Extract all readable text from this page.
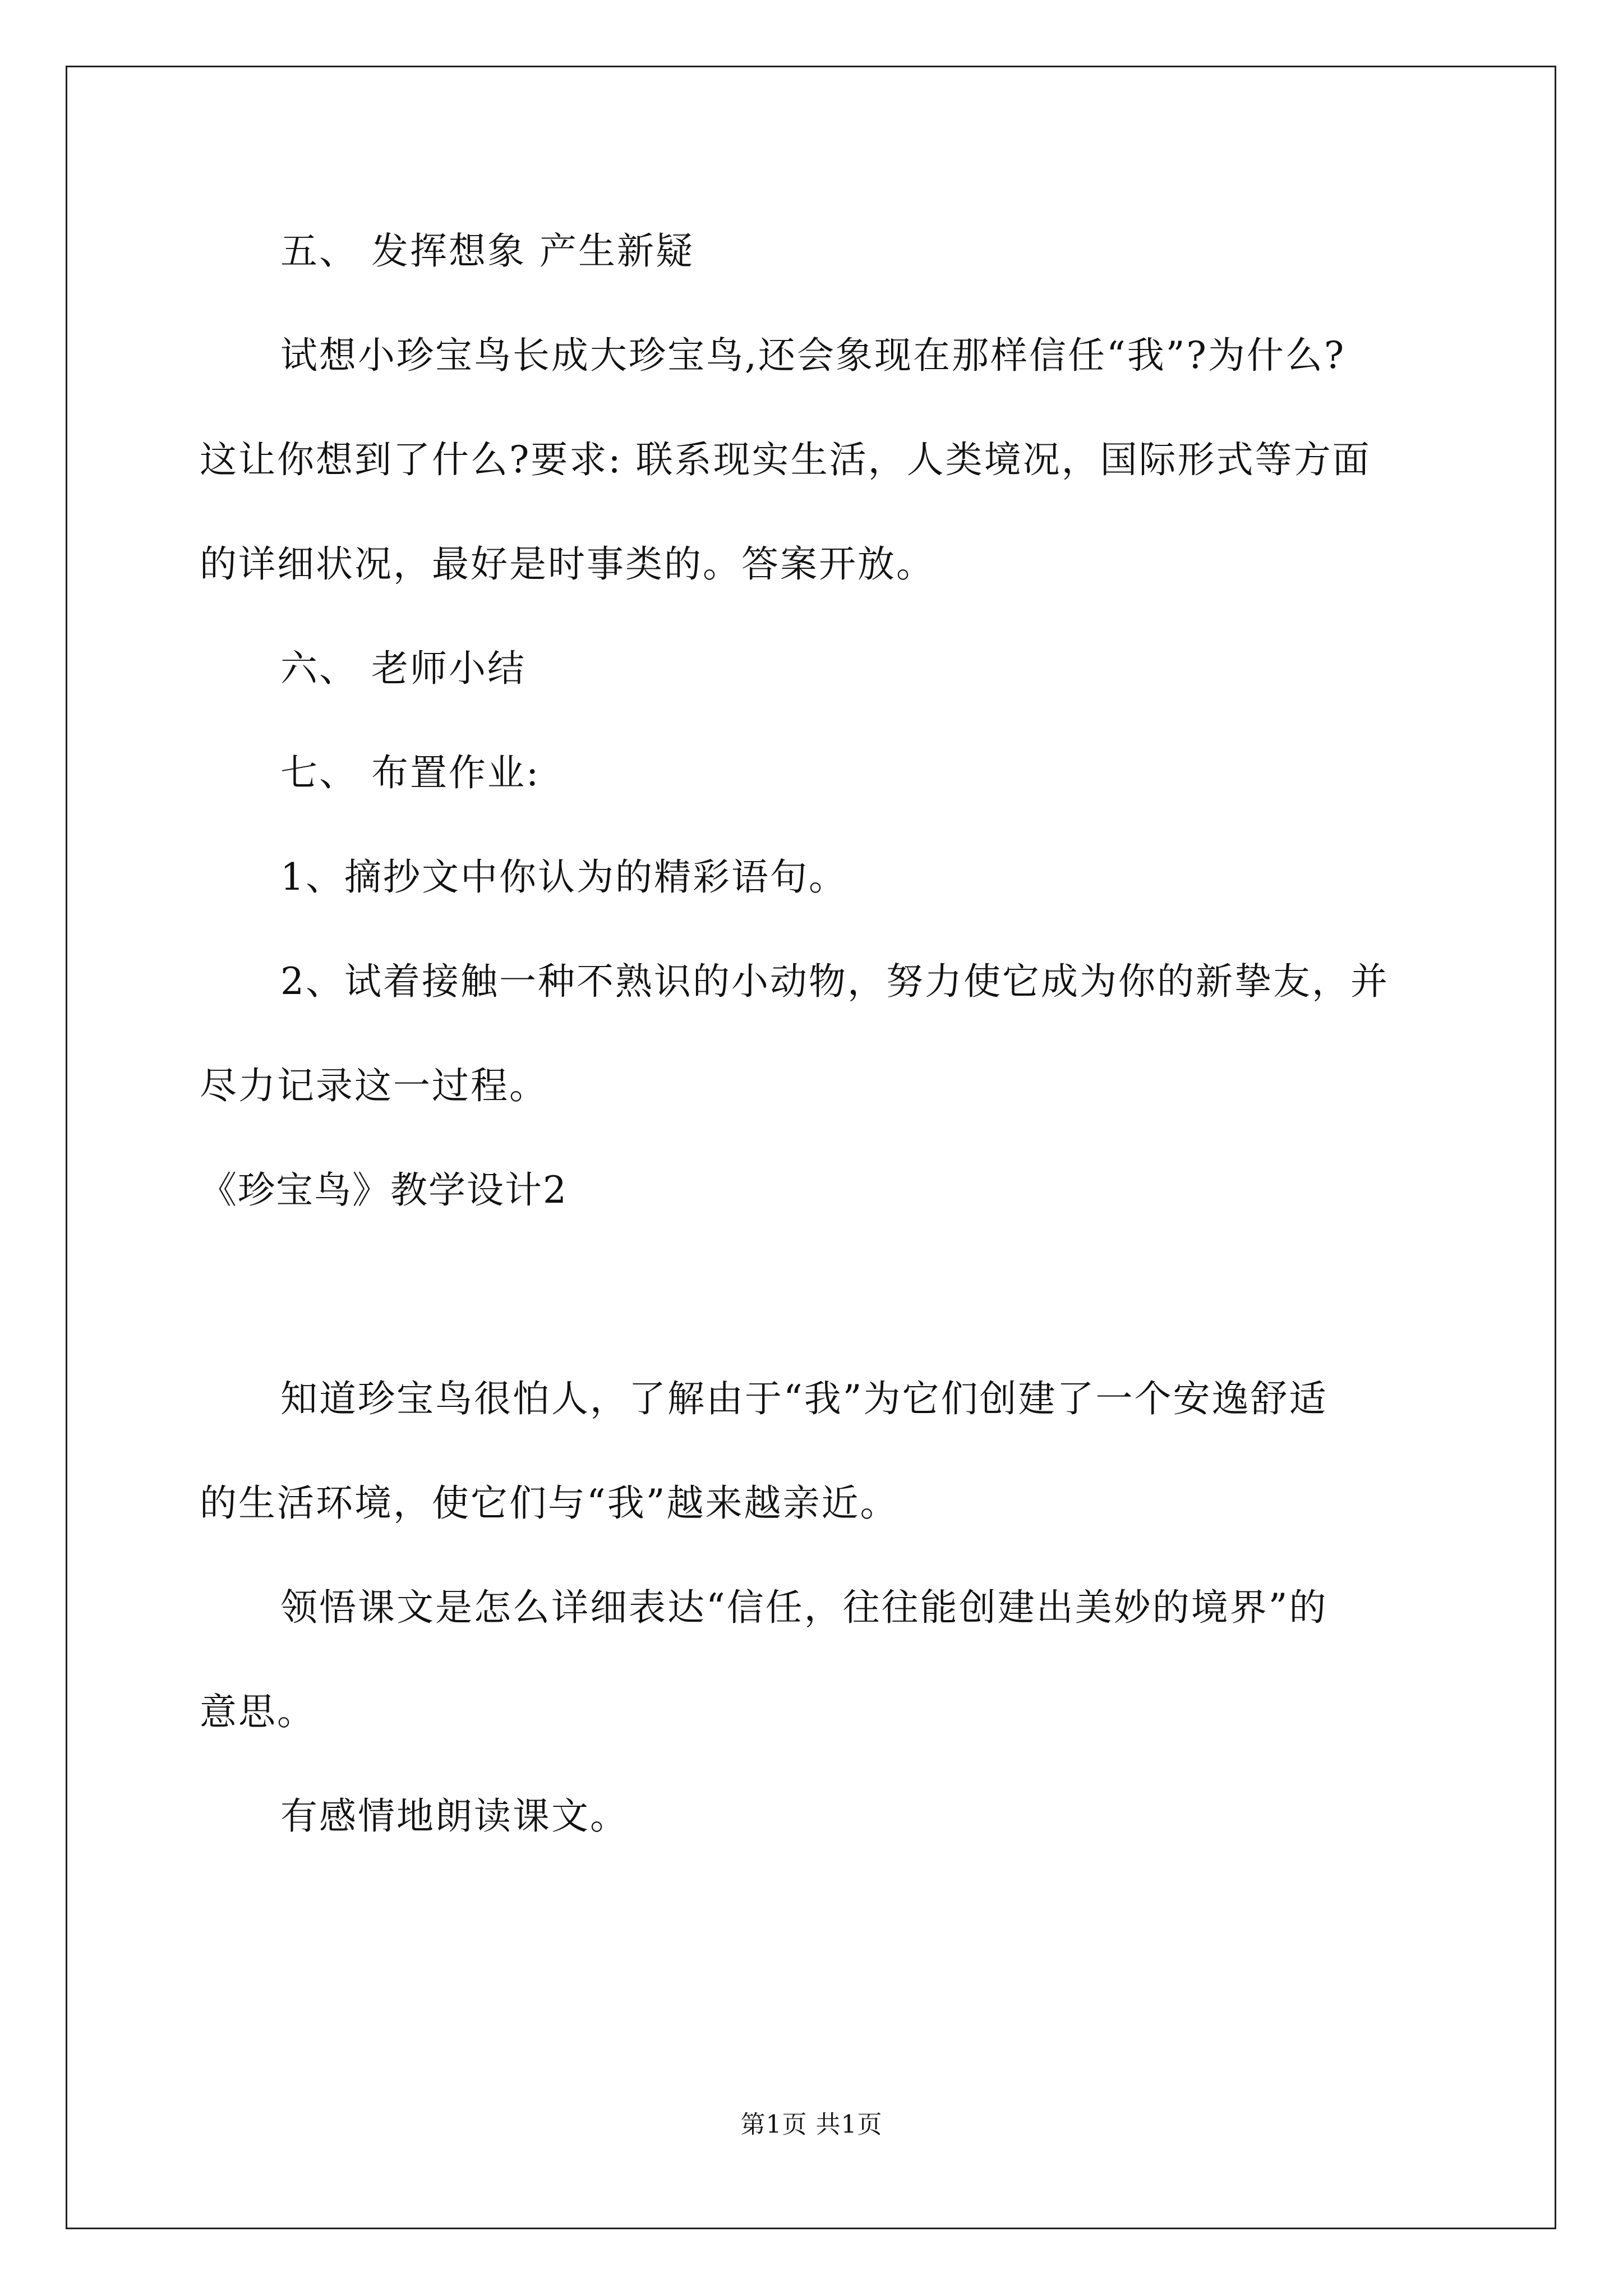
五、 发挥想象 产生新疑

试想小珍宝鸟长成大珍宝鸟,还会象现在那样信任“我”?为什么?

这让你想到了什么?要求: 联系现实生活，人类境况，国际形式等方面

的详细状况，最好是时事类的。答案开放。

六、 老师小结

七、 布置作业:

1、摘抄文中你认为的精彩语句。

2、试着接触一种不熟识的小动物，努力使它成为你的新挚友，并

尽力记录这一过程。

《珍宝鸟》教学设计2

知道珍宝鸟很怕人，了解由于“我”为它们创建了一个安逸舒适

的生活环境，使它们与“我”越来越亲近。

领悟课文是怎么详细表达“信任，往往能创建出美妙的境界”的

意思。

有感情地朗读课文。

第1页 共1页
